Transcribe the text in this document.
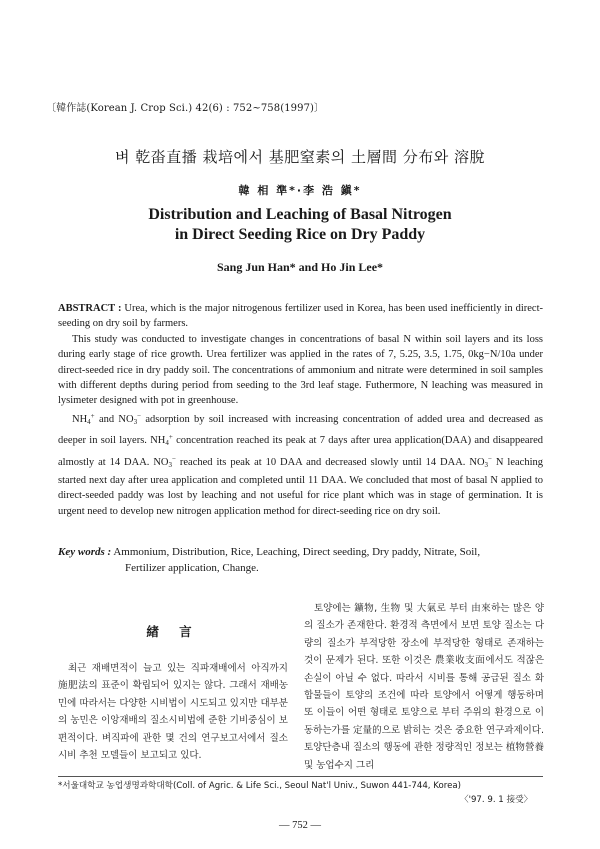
〔韓作誌(Korean J. Crop Sci.) 42(6) : 752~758(1997)〕
벼 乾畓直播 栽培에서 基肥窒素의 土層間 分布와 溶脫
韓 相 準*·李 浩 鎭*
Distribution and Leaching of Basal Nitrogen
in Direct Seeding Rice on Dry Paddy
Sang Jun Han* and Ho Jin Lee*

ABSTRACT : Urea, which is the major nitrogenous fertilizer used in Korea, has been used inefficiently in direct-seeding on dry soil by farmers.

This study was conducted to investigate changes in concentrations of basal N within soil layers and its loss during early stage of rice growth. Urea fertilizer was applied in the rates of 7, 5.25, 3.5, 1.75, 0kg−N/10a under direct-seeded rice in dry paddy soil. The concentrations of ammonium and nitrate were determined in soil samples with different depths during period from seeding to the 3rd leaf stage. Futhermore, N leaching was measured in lysimeter designed with pot in greenhouse.

$NH_4^+$ and $NO_3^-$ adsorption by soil increased with increasing concentration of added urea and decreased as deeper in soil layers. $NH_4^+$ concentration reached its peak at 7 days after urea application(DAA) and disappeared almostly at 14 DAA. $NO_3^-$ reached its peak at 10 DAA and decreased slowly until 14 DAA. $NO_3^-$ N leaching started next day after urea application and completed until 11 DAA. We concluded that most of basal N applied to direct-seeded paddy was lost by leaching and not useful for rice plant which was in stage of germination. It is urgent need to develop new nitrogen application method for direct-seeding rice on dry soil.

Key words : Ammonium, Distribution, Rice, Leaching, Direct seeding, Dry paddy, Nitrate, Soil,
Fertilizer application, Change.
緖 言

최근 재배면적이 늘고 있는 직파재배에서 아직까지 施肥法의 표준이 확립되어 있지는 않다. 그래서 재배농민에 따라서는 다양한 시비법이 시도되고 있지만 대부분의 농민은 이앙재배의 질소시비법에 준한 기비중심이 보편적이다. 벼직파에 관한 몇 건의 연구보고서에서 질소시비 추천 모델들이 보고되고 있다.

토양에는 鑛物, 生物 및 大氣로 부터 由來하는 많은 양의 질소가 존재한다. 환경적 측면에서 보면 토양 질소는 다량의 질소가 부적당한 장소에 부적당한 형태로 존재하는 것이 문제가 된다. 또한 이것은 農業收支面에서도 적잖은 손실이 아닐 수 없다. 따라서 시비를 통해 공급된 질소 화합물들이 토양의 조건에 따라 토양에서 어떻게 행동하며 또 이들이 어떤 형태로 토양으로 부터 주위의 환경으로 이동하는가를 定量的으로 밝히는 것은 중요한 연구과제이다. 토양단층내 질소의 행동에 관한 정량적인 정보는 植物營養 및 농업수지 그리

*서울대학교 농업생명과학대학(Coll. of Agric. & Life Sci., Seoul Nat'l Univ., Suwon 441-744, Korea)
〈'97. 9. 1 接受〉
— 752 —
